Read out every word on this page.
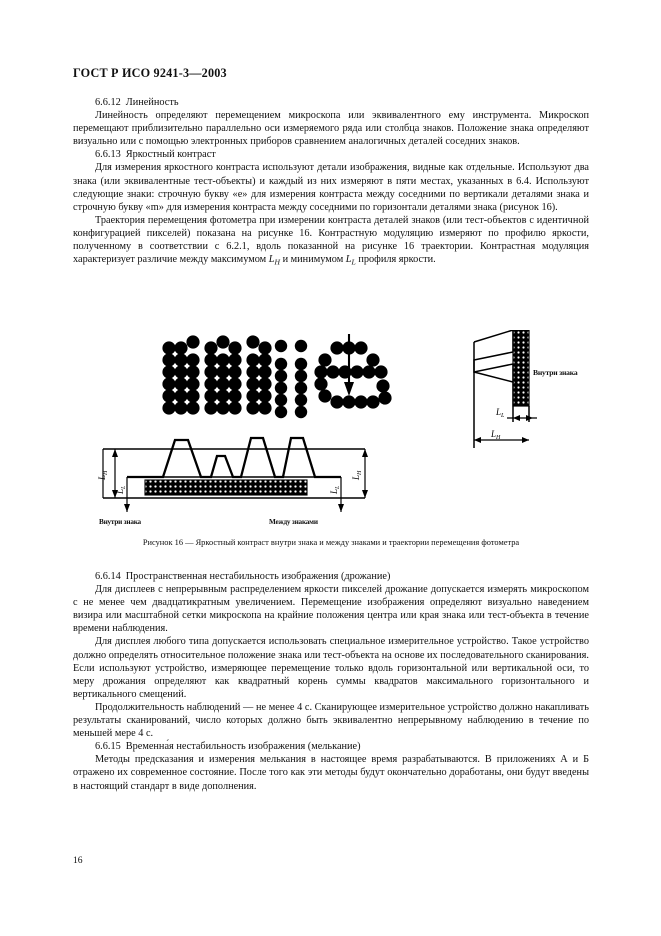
ГОСТ Р ИСО 9241-3—2003

6.6.12 Линейность

Линейность определяют перемещением микроскопа или эквивалентного ему инструмента. Микроскоп перемещают приблизительно параллельно оси измеряемого ряда или столбца знаков. Положение знака определяют визуально или с помощью электронных приборов сравнением аналогичных деталей соседних знаков.

6.6.13 Яркостный контраст

Для измерения яркостного контраста используют детали изображения, видные как отдельные. Используют два знака (или эквивалентные тест-объекты) и каждый из них измеряют в пяти местах, указанных в 6.4. Используют следующие знаки: строчную букву «е» для измерения контраста между соседними по вертикали деталями знака и строчную букву «m» для измерения контраста между соседними по горизонтали деталями знака (рисунок 16).

Траектория перемещения фотометра при измерении контраста деталей знаков (или тест-объектов с идентичной конфигурацией пикселей) показана на рисунке 16. Контрастную модуляцию измеряют по профилю яркости, полученному в соответствии с 6.2.1, вдоль показанной на рисунке 16 траектории. Контрастная модуляция характеризует различие между максимумом $L_H$ и минимумом $L_L$ профиля яркости.

$L_L$
$L_H$
Внутри знака
$L_H$
$L_L$
$L_H$
$L_L$
Внутри знака	Между знаками
Рисунок 16 — Яркостный контраст внутри знака и между знаками и траектории перемещения фотометра

6.6.14 Пространственная нестабильность изображения (дрожание)

Для дисплеев с непрерывным распределением яркости пикселей дрожание допускается измерять микроскопом с не менее чем двадцатикратным увеличением. Перемещение изображения определяют визуально наведением визира или масштабной сетки микроскопа на крайние положения центра или края знака или тест-объекта в течение времени наблюдения.

Для дисплея любого типа допускается использовать специальное измерительное устройство. Такое устройство должно определять относительное положение знака или тест-объекта на основе их последовательного сканирования. Если используют устройство, измеряющее перемещение только вдоль горизонтальной или вертикальной оси, то меру дрожания определяют как квадратный корень суммы квадратов максимального горизонтального и вертикального смещений.

Продолжительность наблюдений — не менее 4 с. Сканирующее измерительное устройство должно накапливать результаты сканирований, число которых должно быть эквивалентно непрерывному наблюдению в течение по меньшей мере 4 с.

6.6.15 Временна́я нестабильность изображения (мелькание)

Методы предсказания и измерения мелькания в настоящее время разрабатываются. В приложениях А и Б отражено их современное состояние. После того как эти методы будут окончательно доработаны, они будут введены в настоящий стандарт в виде дополнения.

16
